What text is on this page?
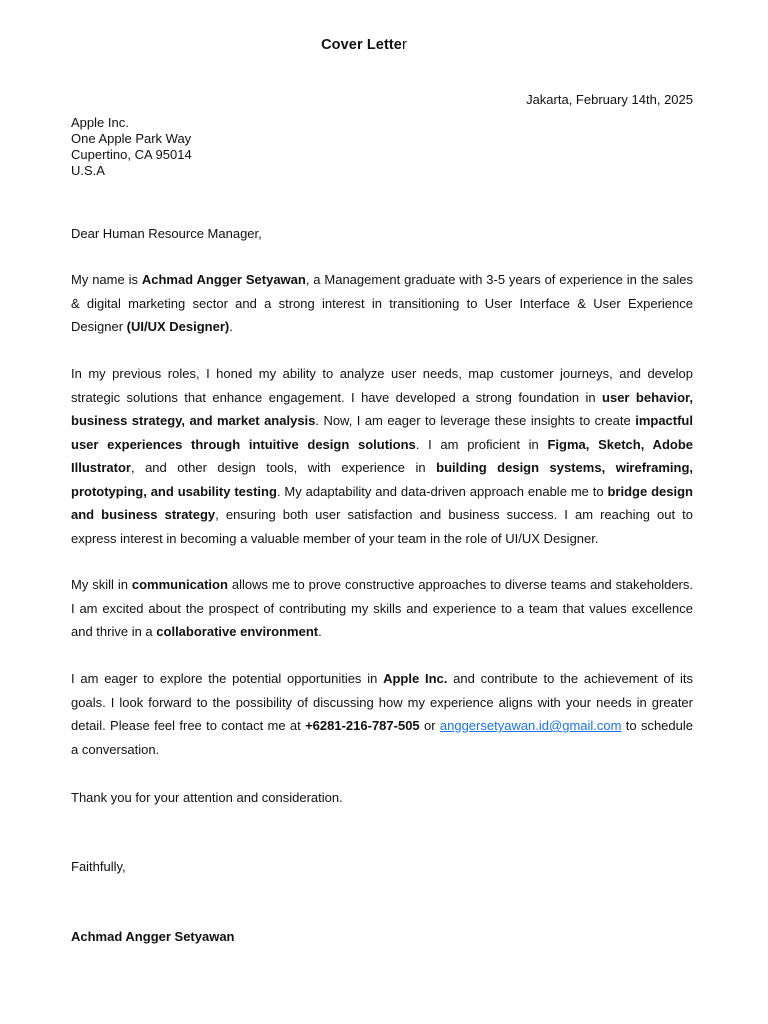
Cover Letter
Jakarta, February 14th, 2025
Apple Inc.
One Apple Park Way
Cupertino, CA 95014
U.S.A
Dear Human Resource Manager,
My name is Achmad Angger Setyawan, a Management graduate with 3-5 years of experience in the sales & digital marketing sector and a strong interest in transitioning to User Interface & User Experience Designer (UI/UX Designer).
In my previous roles, I honed my ability to analyze user needs, map customer journeys, and develop strategic solutions that enhance engagement. I have developed a strong foundation in user behavior, business strategy, and market analysis. Now, I am eager to leverage these insights to create impactful user experiences through intuitive design solutions. I am proficient in Figma, Sketch, Adobe Illustrator, and other design tools, with experience in building design systems, wireframing, prototyping, and usability testing. My adaptability and data-driven approach enable me to bridge design and business strategy, ensuring both user satisfaction and business success. I am reaching out to express interest in becoming a valuable member of your team in the role of UI/UX Designer.
My skill in communication allows me to prove constructive approaches to diverse teams and stakeholders. I am excited about the prospect of contributing my skills and experience to a team that values excellence and thrive in a collaborative environment.
I am eager to explore the potential opportunities in Apple Inc. and contribute to the achievement of its goals. I look forward to the possibility of discussing how my experience aligns with your needs in greater detail. Please feel free to contact me at +6281-216-787-505 or anggersetyawan.id@gmail.com to schedule a conversation.
Thank you for your attention and consideration.
Faithfully,
Achmad Angger Setyawan
